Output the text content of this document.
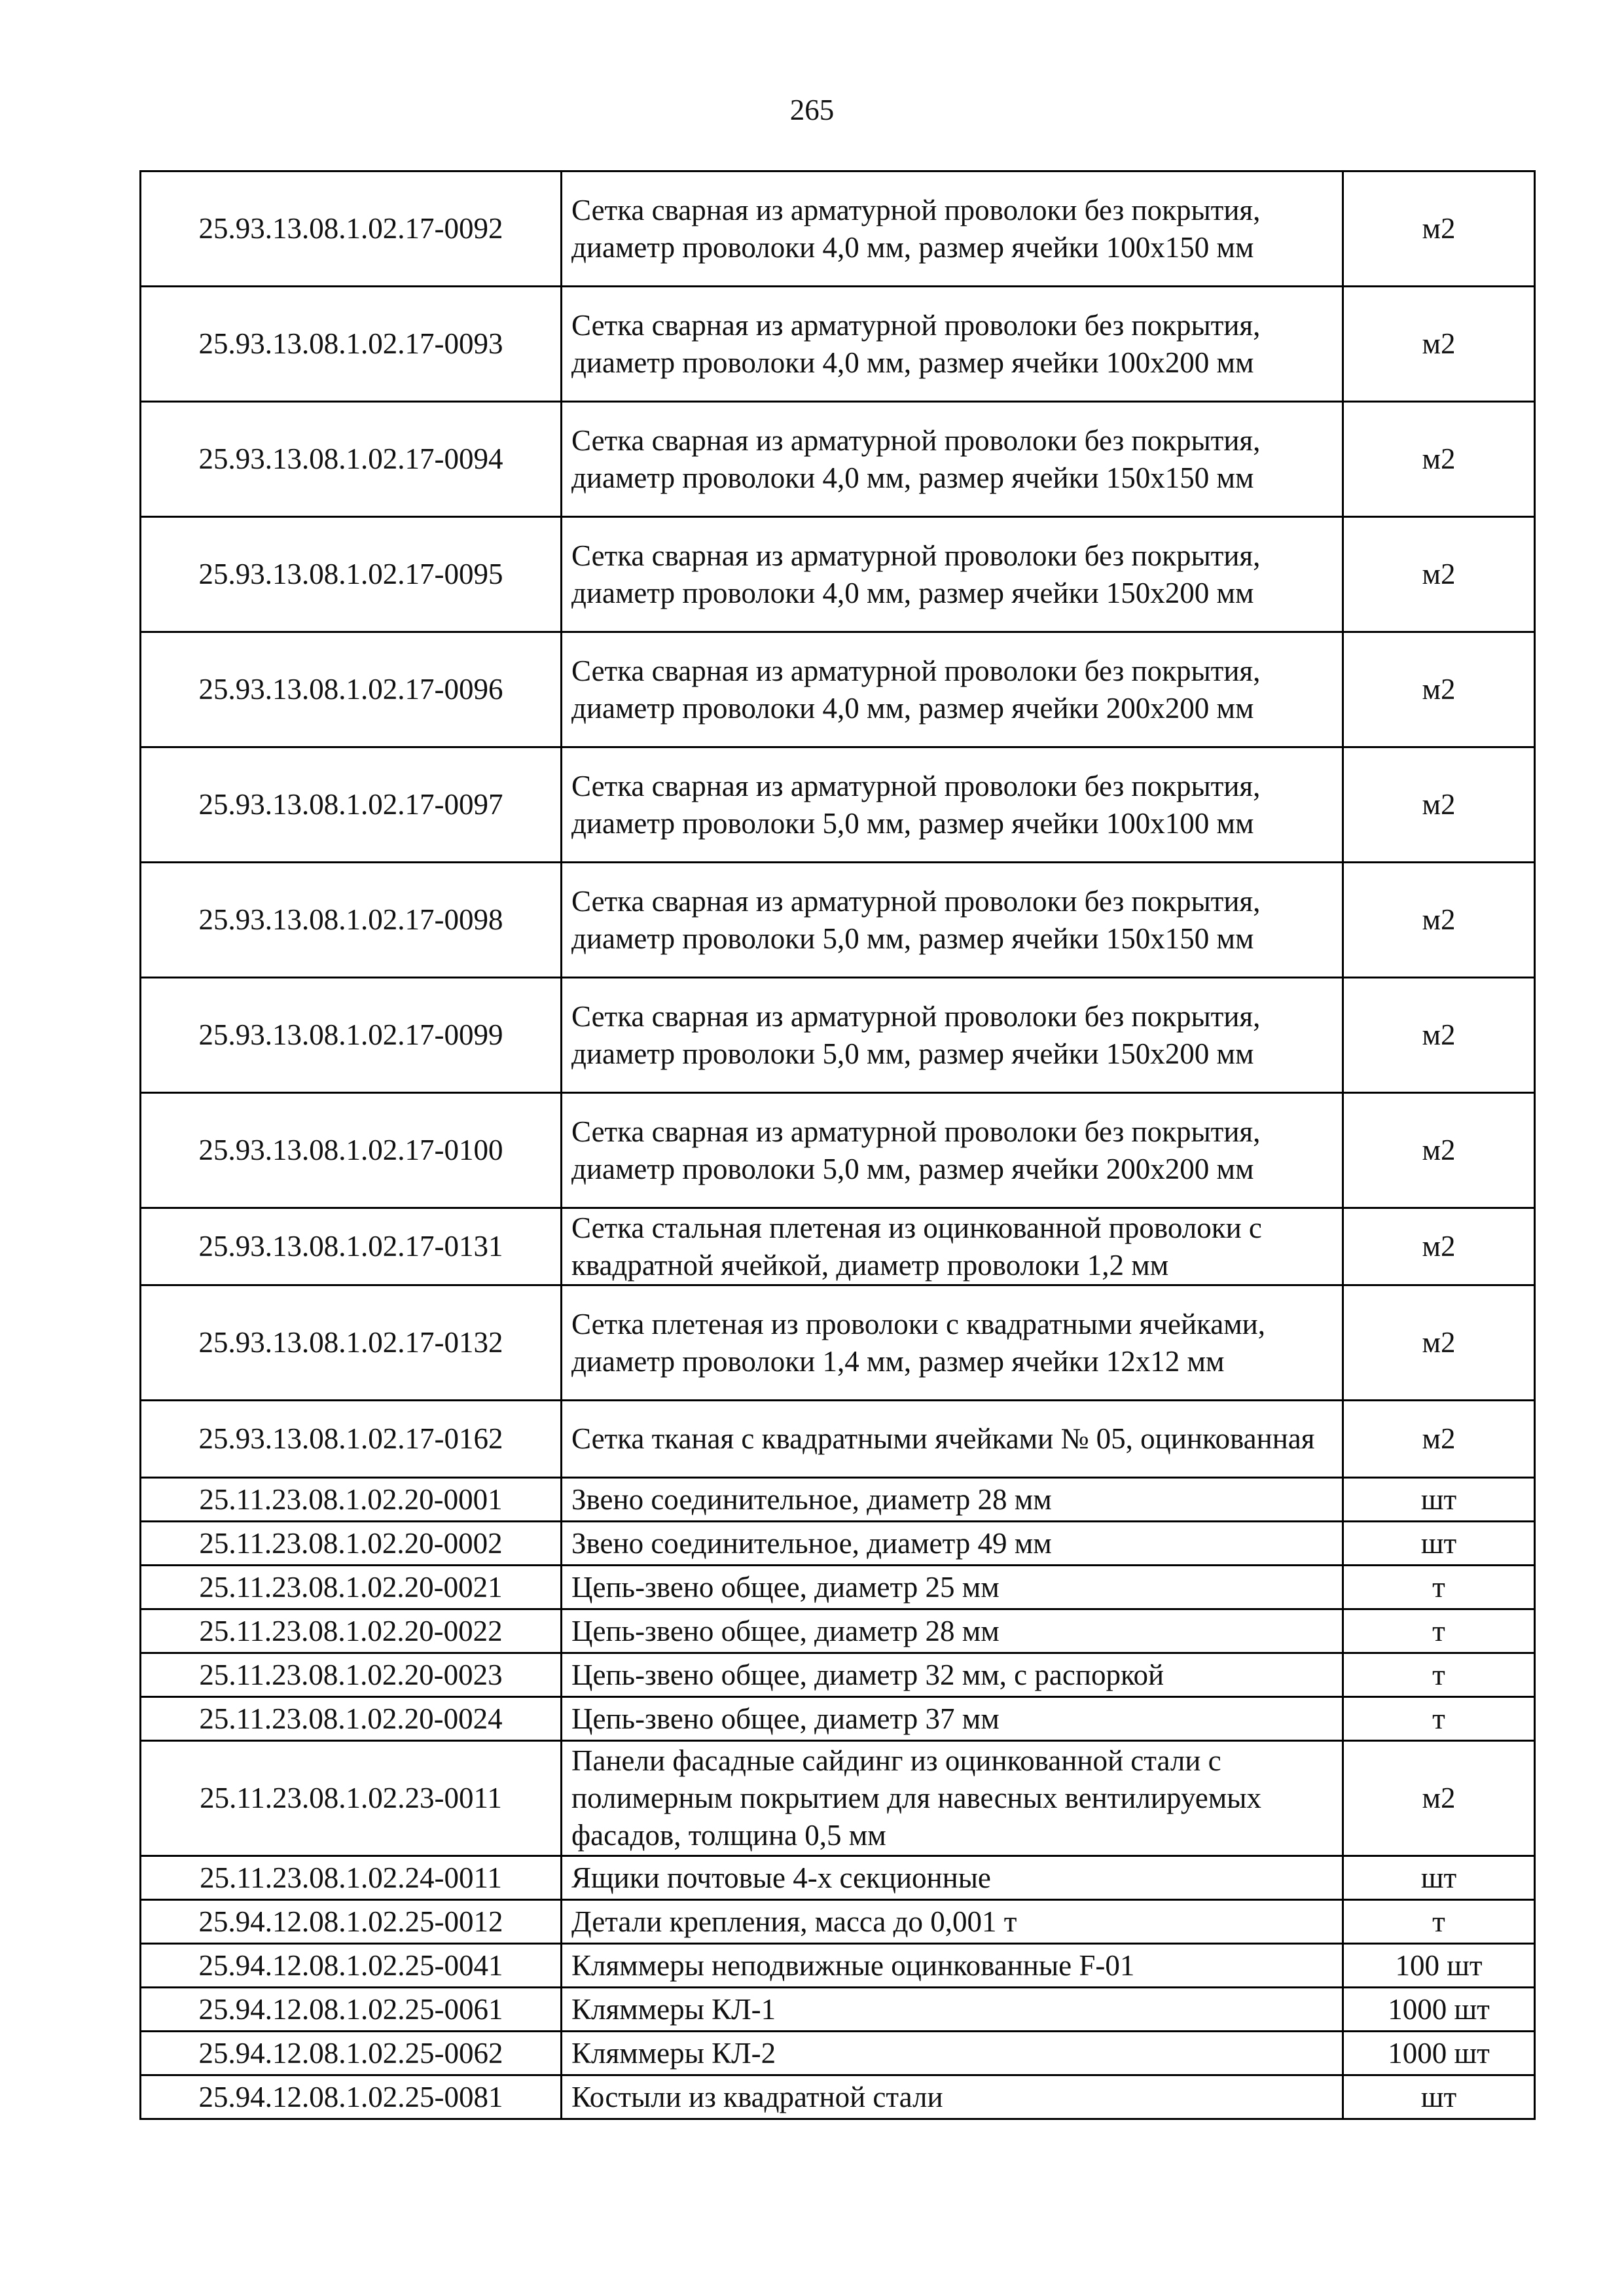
265
25.93.13.08.1.02.17-0092	Сетка сварная из арматурной проволоки без покрытия, диаметр проволоки 4,0 мм, размер ячейки 100x150 мм	м2
25.93.13.08.1.02.17-0093	Сетка сварная из арматурной проволоки без покрытия, диаметр проволоки 4,0 мм, размер ячейки 100x200 мм	м2
25.93.13.08.1.02.17-0094	Сетка сварная из арматурной проволоки без покрытия, диаметр проволоки 4,0 мм, размер ячейки 150x150 мм	м2
25.93.13.08.1.02.17-0095	Сетка сварная из арматурной проволоки без покрытия, диаметр проволоки 4,0 мм, размер ячейки 150x200 мм	м2
25.93.13.08.1.02.17-0096	Сетка сварная из арматурной проволоки без покрытия, диаметр проволоки 4,0 мм, размер ячейки 200x200 мм	м2
25.93.13.08.1.02.17-0097	Сетка сварная из арматурной проволоки без покрытия, диаметр проволоки 5,0 мм, размер ячейки 100x100 мм	м2
25.93.13.08.1.02.17-0098	Сетка сварная из арматурной проволоки без покрытия, диаметр проволоки 5,0 мм, размер ячейки 150x150 мм	м2
25.93.13.08.1.02.17-0099	Сетка сварная из арматурной проволоки без покрытия, диаметр проволоки 5,0 мм, размер ячейки 150x200 мм	м2
25.93.13.08.1.02.17-0100	Сетка сварная из арматурной проволоки без покрытия, диаметр проволоки 5,0 мм, размер ячейки 200x200 мм	м2
25.93.13.08.1.02.17-0131	Сетка стальная плетеная из оцинкованной проволоки с квадратной ячейкой, диаметр проволоки 1,2 мм	м2
25.93.13.08.1.02.17-0132	Сетка плетеная из проволоки с квадратными ячейками, диаметр проволоки 1,4 мм, размер ячейки 12x12 мм	м2
25.93.13.08.1.02.17-0162	Сетка тканая с квадратными ячейками № 05, оцинкованная	м2
25.11.23.08.1.02.20-0001	Звено соединительное, диаметр 28 мм	шт
25.11.23.08.1.02.20-0002	Звено соединительное, диаметр 49 мм	шт
25.11.23.08.1.02.20-0021	Цепь-звено общее, диаметр 25 мм	т
25.11.23.08.1.02.20-0022	Цепь-звено общее, диаметр 28 мм	т
25.11.23.08.1.02.20-0023	Цепь-звено общее, диаметр 32 мм, с распоркой	т
25.11.23.08.1.02.20-0024	Цепь-звено общее, диаметр 37 мм	т
25.11.23.08.1.02.23-0011	Панели фасадные сайдинг из оцинкованной стали с полимерным покрытием для навесных вентилируемых фасадов, толщина 0,5 мм	м2
25.11.23.08.1.02.24-0011	Ящики почтовые 4-х секционные	шт
25.94.12.08.1.02.25-0012	Детали крепления, масса до 0,001 т	т
25.94.12.08.1.02.25-0041	Кляммеры неподвижные оцинкованные F-01	100 шт
25.94.12.08.1.02.25-0061	Кляммеры КЛ-1	1000 шт
25.94.12.08.1.02.25-0062	Кляммеры КЛ-2	1000 шт
25.94.12.08.1.02.25-0081	Костыли из квадратной стали	шт
